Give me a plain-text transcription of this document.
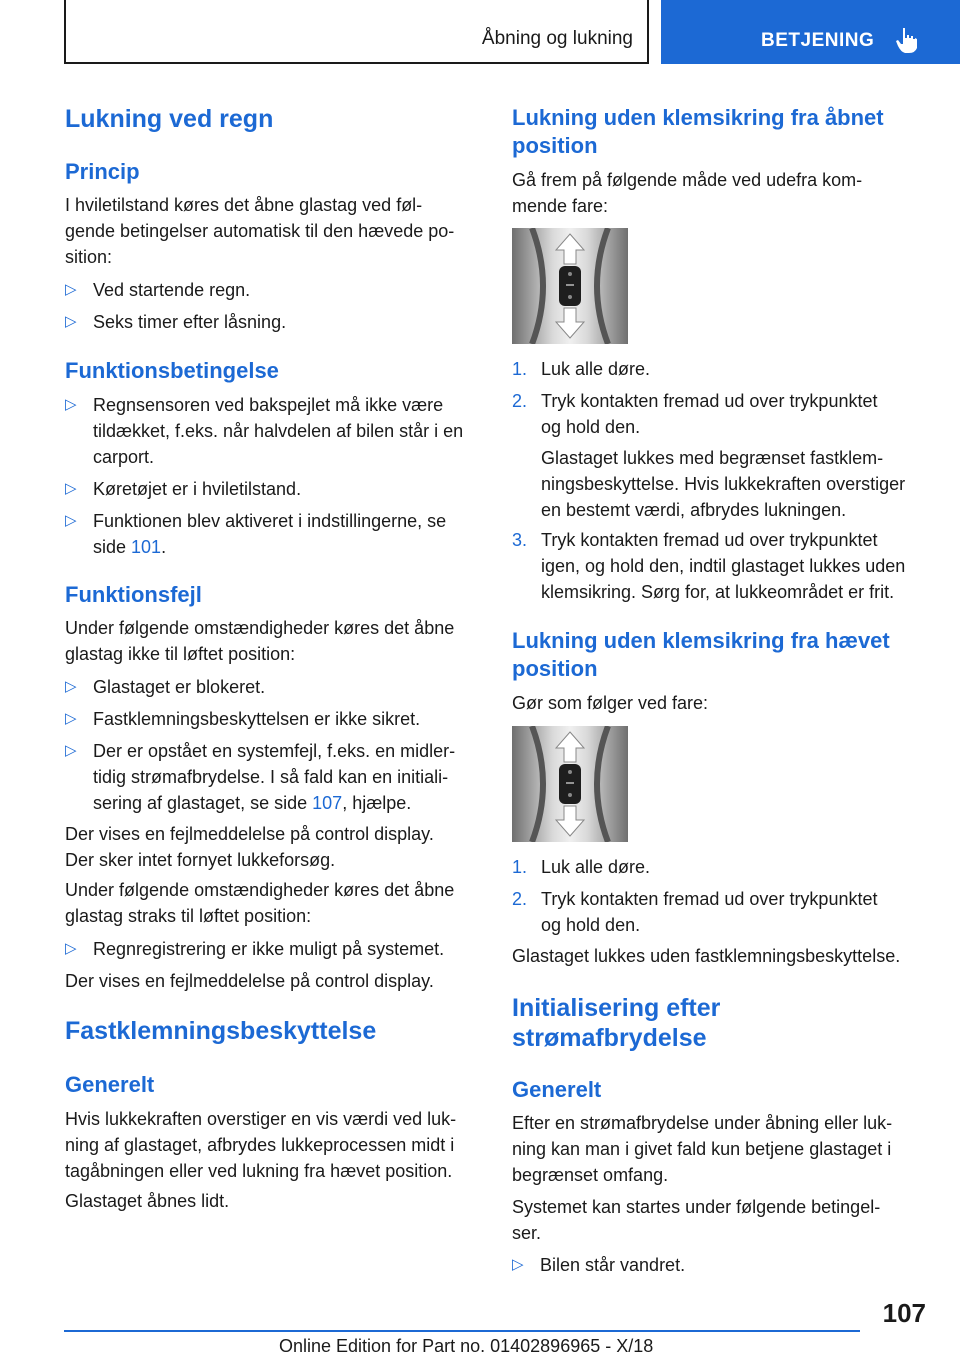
Åbning og lukning	BETJENING
Lukning ved regn
Princip
I hviletilstand køres det åbne glastag ved føl-
gende betingelser automatisk til den hævede po-
sition:
▷ Ved startende regn.
▷ Seks timer efter låsning.
Funktionsbetingelse
▷ Regnsensoren ved bakspejlet må ikke være
tildækket, f.eks. når halvdelen af bilen står i en
carport.
▷ Køretøjet er i hviletilstand.
▷ Funktionen blev aktiveret i indstillingerne, se
side 101.
Funktionsfejl
Under følgende omstændigheder køres det åbne
glastag ikke til løftet position:
▷ Glastaget er blokeret.
▷ Fastklemningsbeskyttelsen er ikke sikret.
▷ Der er opstået en systemfejl, f.eks. en midler-
tidig strømafbrydelse. I så fald kan en initiali-
sering af glastaget, se side 107, hjælpe.
Der vises en fejlmeddelelse på control display.
Der sker intet fornyet lukkeforsøg.
Under følgende omstændigheder køres det åbne
glastag straks til løftet position:
▷ Regnregistrering er ikke muligt på systemet.
Der vises en fejlmeddelelse på control display.
Fastklemningsbeskyttelse
Generelt
Hvis lukkekraften overstiger en vis værdi ved luk-
ning af glastaget, afbrydes lukkeprocessen midt i
tagåbningen eller ved lukning fra hævet position.
Glastaget åbnes lidt.
Lukning uden klemsikring fra åbnet
position
Gå frem på følgende måde ved udefra kom-
mende fare:
1. Luk alle døre.
2. Tryk kontakten fremad ud over trykpunktet
og hold den.
Glastaget lukkes med begrænset fastklem-
ningsbeskyttelse. Hvis lukkekraften overstiger
en bestemt værdi, afbrydes lukningen.
3. Tryk kontakten fremad ud over trykpunktet
igen, og hold den, indtil glastaget lukkes uden
klemsikring. Sørg for, at lukkeområdet er frit.
Lukning uden klemsikring fra hævet
position
Gør som følger ved fare:
1. Luk alle døre.
2. Tryk kontakten fremad ud over trykpunktet
og hold den.
Glastaget lukkes uden fastklemningsbeskyttelse.
Initialisering efter
strømafbrydelse
Generelt
Efter en strømafbrydelse under åbning eller luk-
ning kan man i givet fald kun betjene glastaget i
begrænset omfang.
Systemet kan startes under følgende betingel-
ser.
▷ Bilen står vandret.
107
Online Edition for Part no. 01402896965 - X/18
